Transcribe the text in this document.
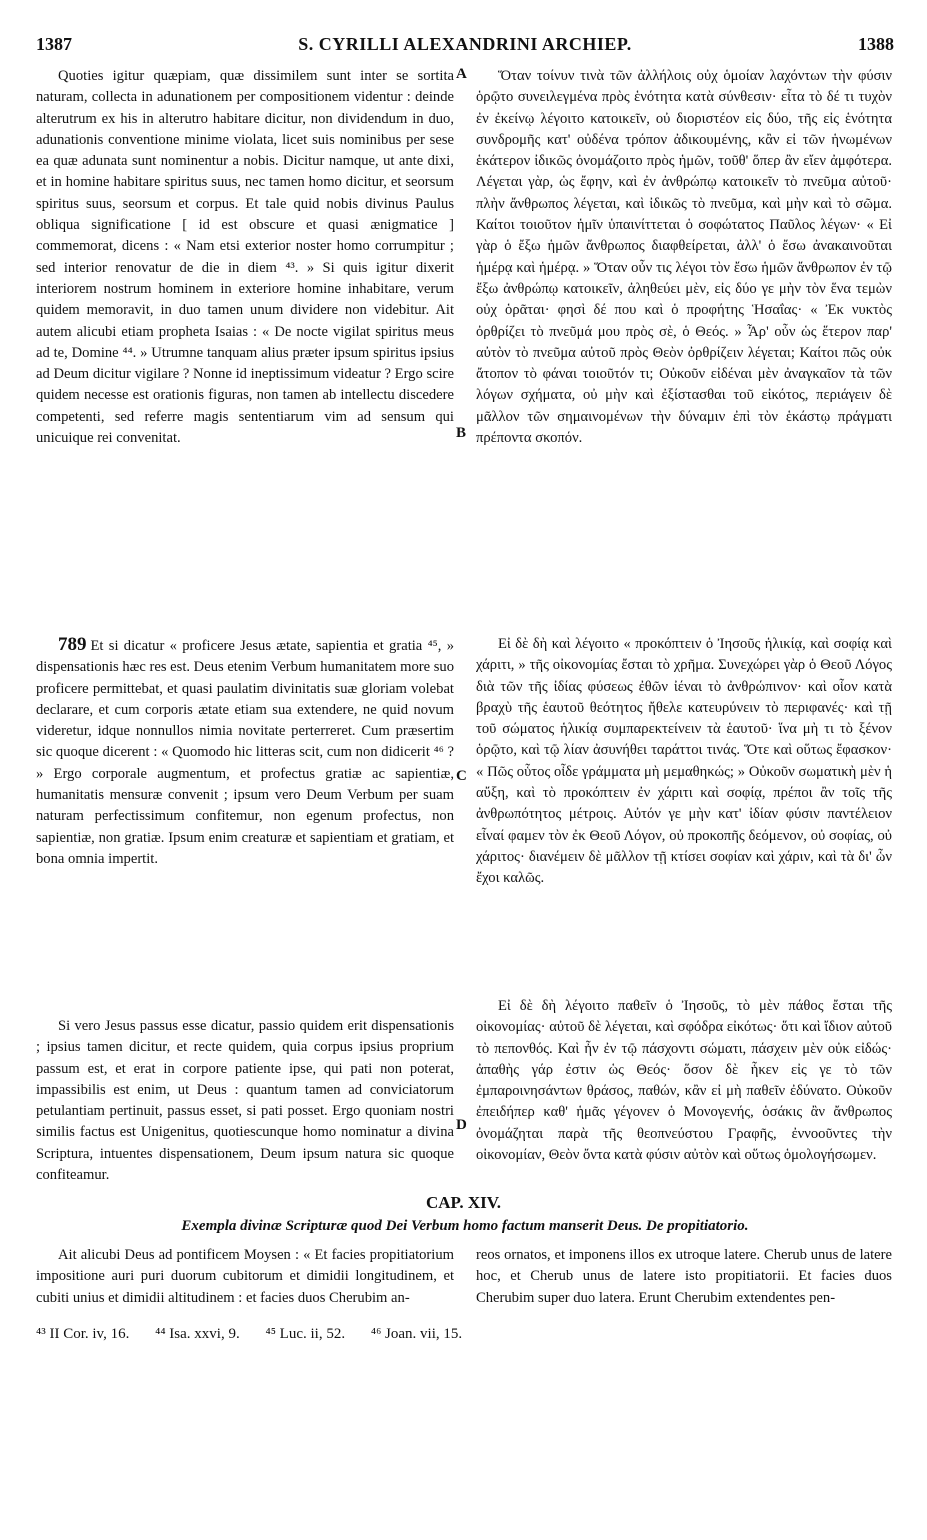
1387	S. CYRILLI ALEXANDRINI ARCHIEP.	1388
A
B
C
D

Quoties igitur quæpiam, quæ dissimilem sunt inter se sortita naturam, collecta in adunationem per compositionem videntur : deinde alterutrum ex his in alterutro habitare dicitur, non dividendum in duo, adunationis conventione minime violata, licet suis nominibus per sese ea quæ adunata sunt nominentur a nobis. Dicitur namque, ut ante dixi, et in homine habitare spiritus suus, nec tamen homo dicitur, et seorsum spiritus suus, seorsum et corpus. Et tale quid nobis divinus Paulus obliqua significatione [ id est obscure et quasi ænigmatice ] commemorat, dicens : « Nam etsi exterior noster homo corrumpitur ; sed interior renovatur de die in diem ⁴³. » Si quis igitur dixerit interiorem nostrum hominem in exteriore homine inhabitare, verum quidem memoravit, in duo tamen unum dividere non videbitur. Ait autem alicubi etiam propheta Isaias : « De nocte vigilat spiritus meus ad te, Domine ⁴⁴. » Utrumne tanquam alius præter ipsum spiritus ipsius ad Deum dicitur vigilare ? Nonne id ineptissimum videatur ? Ergo scire quidem necesse est orationis figuras, non tamen ab intellectu discedere competenti, sed referre magis sententiarum vim ad sensum qui unicuique rei convenitat.

Ὅταν τοίνυν τινὰ τῶν ἀλλήλοις οὐχ ὁμοίαν λαχόντων τὴν φύσιν ὁρῷτο συνειλεγμένα πρὸς ἑνότητα κατὰ σύνθεσιν· εἶτα τὸ δέ τι τυχὸν ἐν ἐκείνῳ λέγοιτο κατοικεῖν, οὐ διοριστέον εἰς δύο, τῆς εἰς ἑνότητα συνδρομῆς κατ' οὐδένα τρόπον ἀδικουμένης, κἂν εἰ τῶν ἡνωμένων ἑκάτερον ἰδικῶς ὀνομάζοιτο πρὸς ἡμῶν, τοῦθ' ὅπερ ἂν εἴεν ἀμφότερα. Λέγεται γὰρ, ὡς ἔφην, καὶ ἐν ἀνθρώπῳ κατοικεῖν τὸ πνεῦμα αὐτοῦ· πλὴν ἄνθρωπος λέγεται, καὶ ἰδικῶς τὸ πνεῦμα, καὶ μὴν καὶ τὸ σῶμα. Καίτοι τοιοῦτον ἡμῖν ὑπαινίττεται ὁ σοφώτατος Παῦλος λέγων· « Εἰ γὰρ ὁ ἔξω ἡμῶν ἄνθρωπος διαφθείρεται, ἀλλ' ὁ ἔσω ἀνακαινοῦται ἡμέρᾳ καὶ ἡμέρᾳ. » Ὅταν οὖν τις λέγοι τὸν ἔσω ἡμῶν ἄνθρωπον ἐν τῷ ἔξω ἀνθρώπῳ κατοικεῖν, ἀληθεύει μὲν, εἰς δύο γε μὴν τὸν ἕνα τεμὼν οὐχ ὁρᾶται· φησὶ δέ που καὶ ὁ προφήτης Ἡσαΐας· « Ἐκ νυκτὸς ὀρθρίζει τὸ πνεῦμά μου πρὸς σὲ, ὁ Θεός. » Ἆρ' οὖν ὡς ἕτερον παρ' αὐτὸν τὸ πνεῦμα αὐτοῦ πρὸς Θεὸν ὀρθρίζειν λέγεται; Καίτοι πῶς οὐκ ἄτοπον τὸ φάναι τοιοῦτόν τι; Οὐκοῦν εἰδέναι μὲν ἀναγκαῖον τὰ τῶν λόγων σχήματα, οὐ μὴν καὶ ἐξίστασθαι τοῦ εἰκότος, περιάγειν δὲ μᾶλλον τῶν σημαινομένων τὴν δύναμιν ἐπὶ τὸν ἑκάστῳ πράγματι πρέποντα σκοπόν.

789 Et si dicatur « proficere Jesus ætate, sapientia et gratia ⁴⁵, » dispensationis hæc res est. Deus etenim Verbum humanitatem more suo proficere permittebat, et quasi paulatim divinitatis suæ gloriam volebat declarare, et cum corporis ætate etiam sua extendere, ne quid novum videretur, idque nonnullos nimia novitate perterreret. Cum præsertim sic quoque dicerent : « Quomodo hic litteras scit, cum non didicerit ⁴⁶ ? » Ergo corporale augmentum, et profectus gratiæ ac sapientiæ, humanitatis mensuræ convenit ; ipsum vero Deum Verbum per suam naturam perfectissimum confitemur, non egenum profectus, non sapientiæ, non gratiæ. Ipsum enim creaturæ et sapientiam et gratiam, et bona omnia impertit.

Εἰ δὲ δὴ καὶ λέγοιτο « προκόπτειν ὁ Ἰησοῦς ἡλικίᾳ, καὶ σοφίᾳ καὶ χάριτι, » τῆς οἰκονομίας ἔσται τὸ χρῆμα. Συνεχώρει γὰρ ὁ Θεοῦ Λόγος διὰ τῶν τῆς ἰδίας φύσεως ἐθῶν ἰέναι τὸ ἀνθρώπινον· καὶ οἷον κατὰ βραχὺ τῆς ἑαυτοῦ θεότητος ἤθελε κατευρύνειν τὸ περιφανές· καὶ τῇ τοῦ σώματος ἡλικίᾳ συμπαρεκτείνειν τὰ ἑαυτοῦ· ἵνα μὴ τι τὸ ξένον ὁρῷτο, καὶ τῷ λίαν ἀσυνήθει ταράττοι τινάς. Ὅτε καὶ οὕτως ἔφασκον· « Πῶς οὗτος οἶδε γράμματα μὴ μεμαθηκώς; » Οὐκοῦν σωματικὴ μὲν ἡ αὔξη, καὶ τὸ προκόπτειν ἐν χάριτι καὶ σοφίᾳ, πρέποι ἂν τοῖς τῆς ἀνθρωπότητος μέτροις. Αὐτόν γε μὴν κατ' ἰδίαν φύσιν παντέλειον εἶναί φαμεν τὸν ἐκ Θεοῦ Λόγον, οὐ προκοπῆς δεόμενον, οὐ σοφίας, οὐ χάριτος· διανέμειν δὲ μᾶλλον τῇ κτίσει σοφίαν καὶ χάριν, καὶ τὰ δι' ὧν ἔχοι καλῶς.

Si vero Jesus passus esse dicatur, passio quidem erit dispensationis ; ipsius tamen dicitur, et recte quidem, quia corpus ipsius proprium passum est, et erat in corpore patiente ipse, qui pati non poterat, impassibilis est enim, ut Deus : quantum tamen ad conviciatorum petulantiam pertinuit, passus esset, si pati posset. Ergo quoniam nostri similis factus est Unigenitus, quotiescunque homo nominatur a divina Scriptura, intuentes dispensationem, Deum ipsum natura sic quoque confiteamur.

Εἰ δὲ δὴ λέγοιτο παθεῖν ὁ Ἰησοῦς, τὸ μὲν πάθος ἔσται τῆς οἰκονομίας· αὐτοῦ δὲ λέγεται, καὶ σφόδρα εἰκότως· ὅτι καὶ ἴδιον αὐτοῦ τὸ πεπονθός. Καὶ ἦν ἐν τῷ πάσχοντι σώματι, πάσχειν μὲν οὐκ εἰδώς· ἀπαθὴς γάρ ἐστιν ὡς Θεός· ὅσον δὲ ἧκεν εἰς γε τὸ τῶν ἐμπαροινησάντων θράσος, παθών, κἂν εἰ μὴ παθεῖν ἐδύνατο. Οὐκοῦν ἐπειδήπερ καθ' ἡμᾶς γέγονεν ὁ Μονογενής, ὁσάκις ἂν ἄνθρωπος ὀνομάζηται παρὰ τῆς θεοπνεύστου Γραφῆς, ἐννοοῦντες τὴν οἰκονομίαν, Θεὸν ὄντα κατὰ φύσιν αὐτὸν καὶ οὕτως ὁμολογήσωμεν.

CAP. XIV.
Exempla divinæ Scripturæ quod Dei Verbum homo factum manserit Deus. De propitiatorio.

Ait alicubi Deus ad pontificem Moysen : « Et facies propitiatorium impositione auri puri duorum cubitorum et dimidii longitudinem, et cubiti unius et dimidii altitudinem : et facies duos Cherubim an-

reos ornatos, et imponens illos ex utroque latere. Cherub unus de latere hoc, et Cherub unus de latere isto propitiatorii. Et facies duos Cherubim super duo latera. Erunt Cherubim extendentes pen-

⁴³ II Cor. iv, 16. ⁴⁴ Isa. xxvi, 9. ⁴⁵ Luc. ii, 52. ⁴⁶ Joan. vii, 15.
